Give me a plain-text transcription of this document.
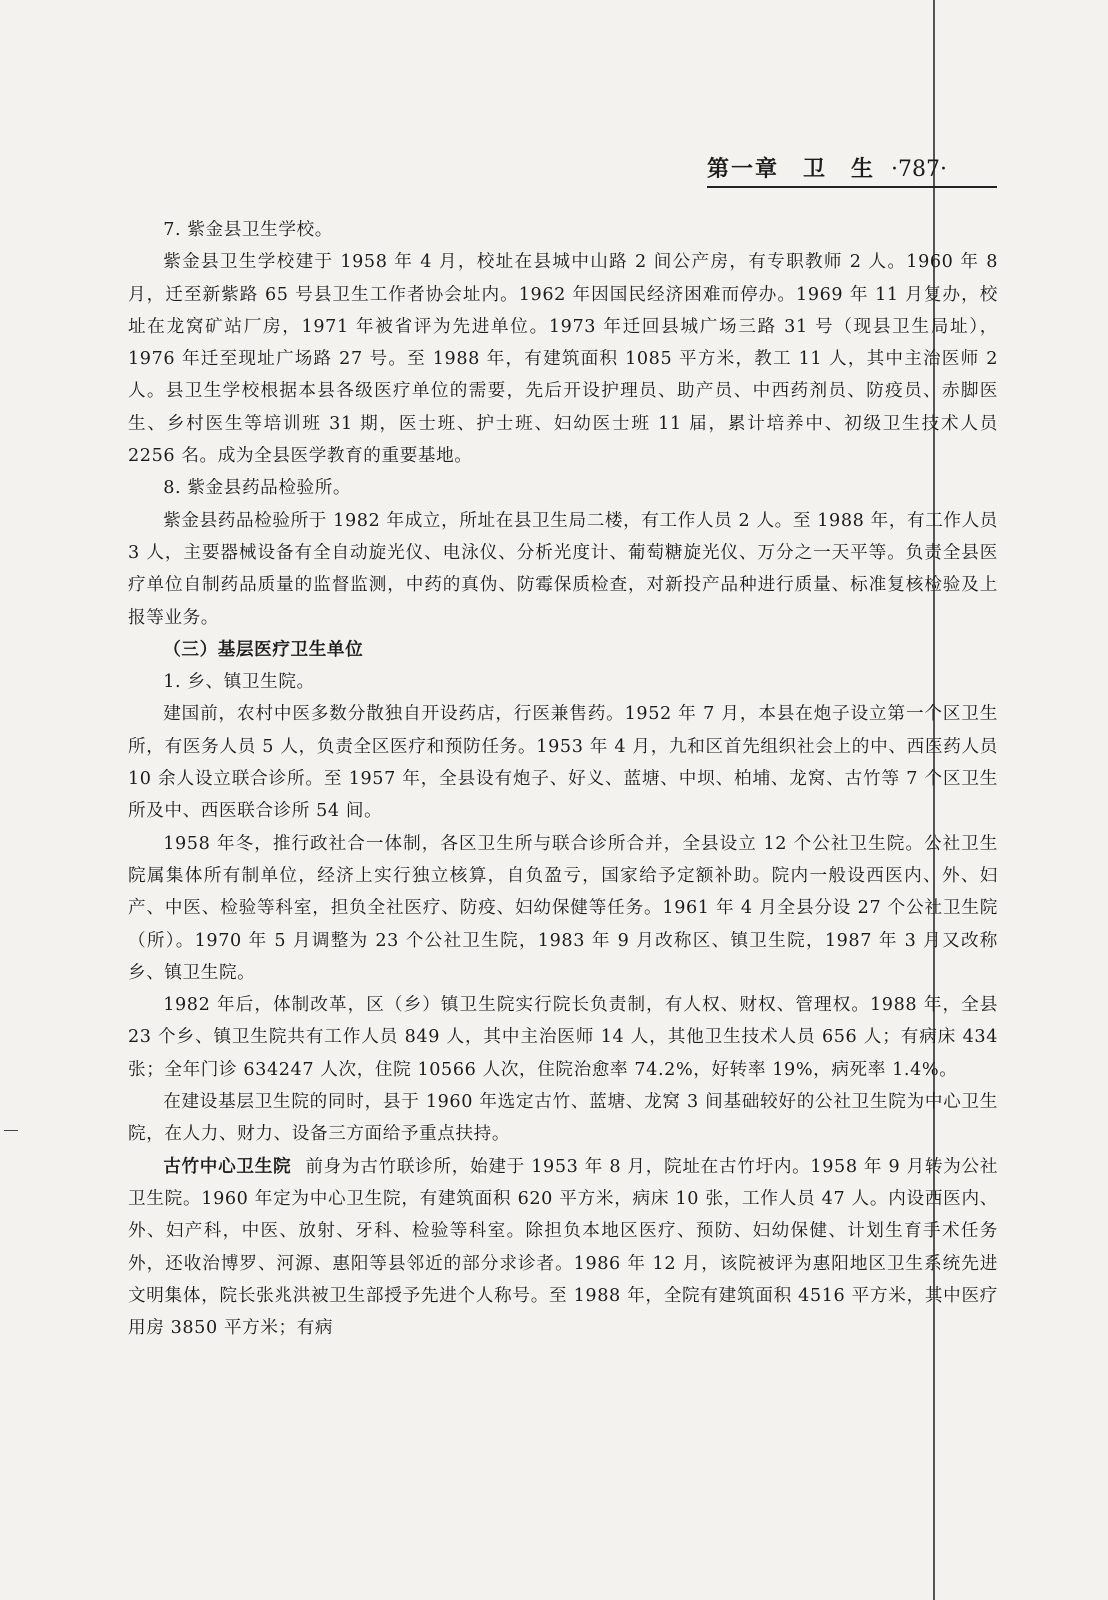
第一章　卫　生 ·787·

7. 紫金县卫生学校。

紫金县卫生学校建于 1958 年 4 月，校址在县城中山路 2 间公产房，有专职教师 2 人。1960 年 8 月，迁至新紫路 65 号县卫生工作者协会址内。1962 年因国民经济困难而停办。1969 年 11 月复办，校址在龙窝矿站厂房，1971 年被省评为先进单位。1973 年迁回县城广场三路 31 号（现县卫生局址），1976 年迁至现址广场路 27 号。至 1988 年，有建筑面积 1085 平方米，教工 11 人，其中主治医师 2 人。县卫生学校根据本县各级医疗单位的需要，先后开设护理员、助产员、中西药剂员、防疫员、赤脚医生、乡村医生等培训班 31 期，医士班、护士班、妇幼医士班 11 届，累计培养中、初级卫生技术人员 2256 名。成为全县医学教育的重要基地。

8. 紫金县药品检验所。

紫金县药品检验所于 1982 年成立，所址在县卫生局二楼，有工作人员 2 人。至 1988 年，有工作人员 3 人，主要器械设备有全自动旋光仪、电泳仪、分析光度计、葡萄糖旋光仪、万分之一天平等。负责全县医疗单位自制药品质量的监督监测，中药的真伪、防霉保质检查，对新投产品种进行质量、标准复核检验及上报等业务。

（三）基层医疗卫生单位

1. 乡、镇卫生院。

建国前，农村中医多数分散独自开设药店，行医兼售药。1952 年 7 月，本县在炮子设立第一个区卫生所，有医务人员 5 人，负责全区医疗和预防任务。1953 年 4 月，九和区首先组织社会上的中、西医药人员 10 余人设立联合诊所。至 1957 年，全县设有炮子、好义、蓝塘、中坝、柏埔、龙窝、古竹等 7 个区卫生所及中、西医联合诊所 54 间。

1958 年冬，推行政社合一体制，各区卫生所与联合诊所合并，全县设立 12 个公社卫生院。公社卫生院属集体所有制单位，经济上实行独立核算，自负盈亏，国家给予定额补助。院内一般设西医内、外、妇产、中医、检验等科室，担负全社医疗、防疫、妇幼保健等任务。1961 年 4 月全县分设 27 个公社卫生院（所）。1970 年 5 月调整为 23 个公社卫生院，1983 年 9 月改称区、镇卫生院，1987 年 3 月又改称乡、镇卫生院。

1982 年后，体制改革，区（乡）镇卫生院实行院长负责制，有人权、财权、管理权。1988 年，全县 23 个乡、镇卫生院共有工作人员 849 人，其中主治医师 14 人，其他卫生技术人员 656 人；有病床 434 张；全年门诊 634247 人次，住院 10566 人次，住院治愈率 74.2%，好转率 19%，病死率 1.4%。

在建设基层卫生院的同时，县于 1960 年选定古竹、蓝塘、龙窝 3 间基础较好的公社卫生院为中心卫生院，在人力、财力、设备三方面给予重点扶持。

古竹中心卫生院 前身为古竹联诊所，始建于 1953 年 8 月，院址在古竹圩内。1958 年 9 月转为公社卫生院。1960 年定为中心卫生院，有建筑面积 620 平方米，病床 10 张，工作人员 47 人。内设西医内、外、妇产科，中医、放射、牙科、检验等科室。除担负本地区医疗、预防、妇幼保健、计划生育手术任务外，还收治博罗、河源、惠阳等县邻近的部分求诊者。1986 年 12 月，该院被评为惠阳地区卫生系统先进文明集体，院长张兆洪被卫生部授予先进个人称号。至 1988 年，全院有建筑面积 4516 平方米，其中医疗用房 3850 平方米；有病
